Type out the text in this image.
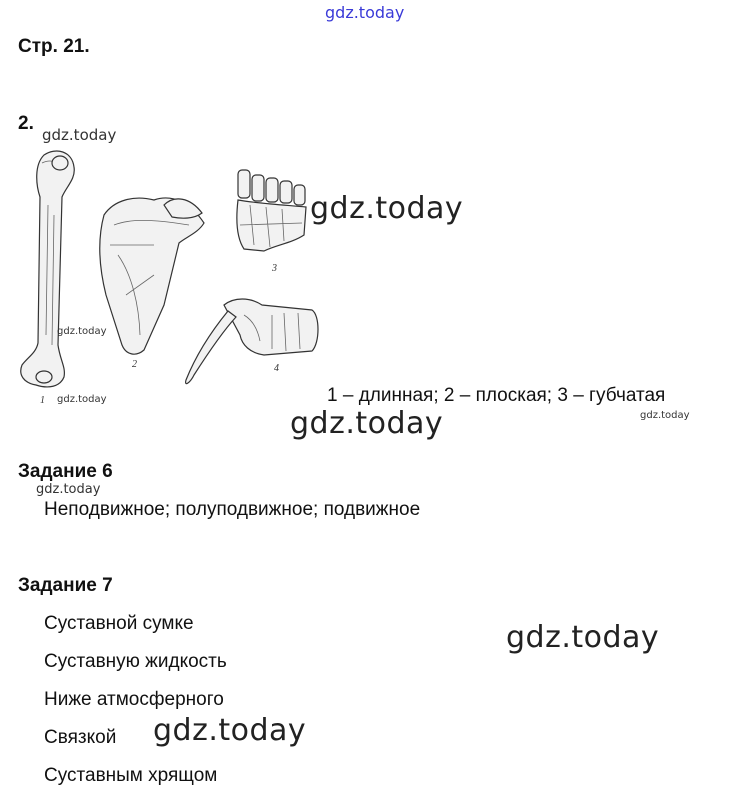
gdz.today
Стр. 21.
2.
gdz.today
1
2
3
4
gdz.today
gdz.today
gdz.today	1 – длинная; 2 – плоская; 3 – губчатая
gdz.today	gdz.today
Задание 6
gdz.today
Неподвижное; полуподвижное; подвижное
Задание 7
Суставной сумке
Суставную жидкость
Ниже атмосферного
Связкой
Суставным хрящом
gdz.today
gdz.today
